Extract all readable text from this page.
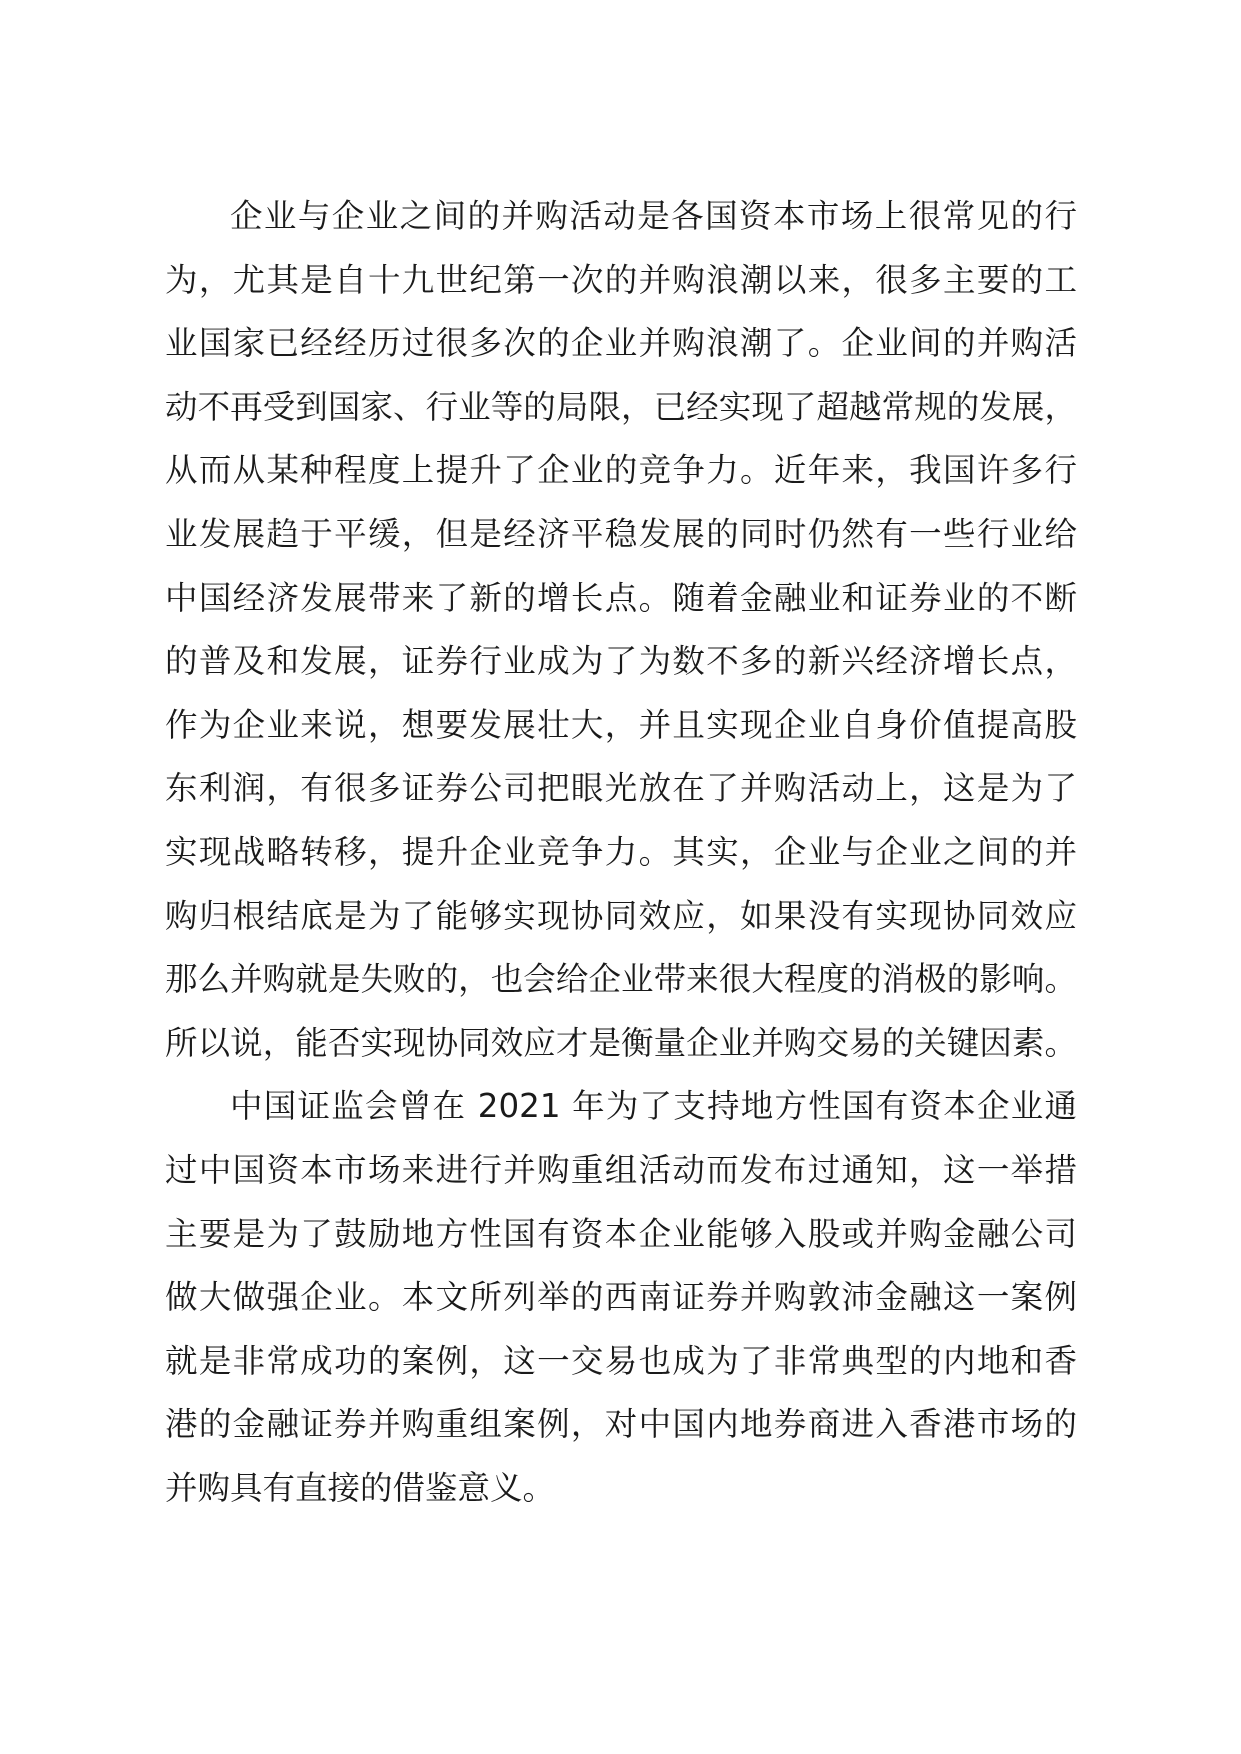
企业与企业之间的并购活动是各国资本市场上很常见的行
为，尤其是自十九世纪第一次的并购浪潮以来，很多主要的工
业国家已经经历过很多次的企业并购浪潮了。企业间的并购活
动不再受到国家、行业等的局限，已经实现了超越常规的发展，
从而从某种程度上提升了企业的竞争力。近年来，我国许多行
业发展趋于平缓，但是经济平稳发展的同时仍然有一些行业给
中国经济发展带来了新的增长点。随着金融业和证券业的不断
的普及和发展，证券行业成为了为数不多的新兴经济增长点，
作为企业来说，想要发展壮大，并且实现企业自身价值提高股
东利润，有很多证券公司把眼光放在了并购活动上，这是为了
实现战略转移，提升企业竞争力。其实，企业与企业之间的并
购归根结底是为了能够实现协同效应，如果没有实现协同效应
那么并购就是失败的，也会给企业带来很大程度的消极的影响。
所以说，能否实现协同效应才是衡量企业并购交易的关键因素。

中国证监会曾在 2021 年为了支持地方性国有资本企业通
过中国资本市场来进行并购重组活动而发布过通知，这一举措
主要是为了鼓励地方性国有资本企业能够入股或并购金融公司
做大做强企业。本文所列举的西南证券并购敦沛金融这一案例
就是非常成功的案例，这一交易也成为了非常典型的内地和香
港的金融证券并购重组案例，对中国内地券商进入香港市场的
并购具有直接的借鉴意义。
